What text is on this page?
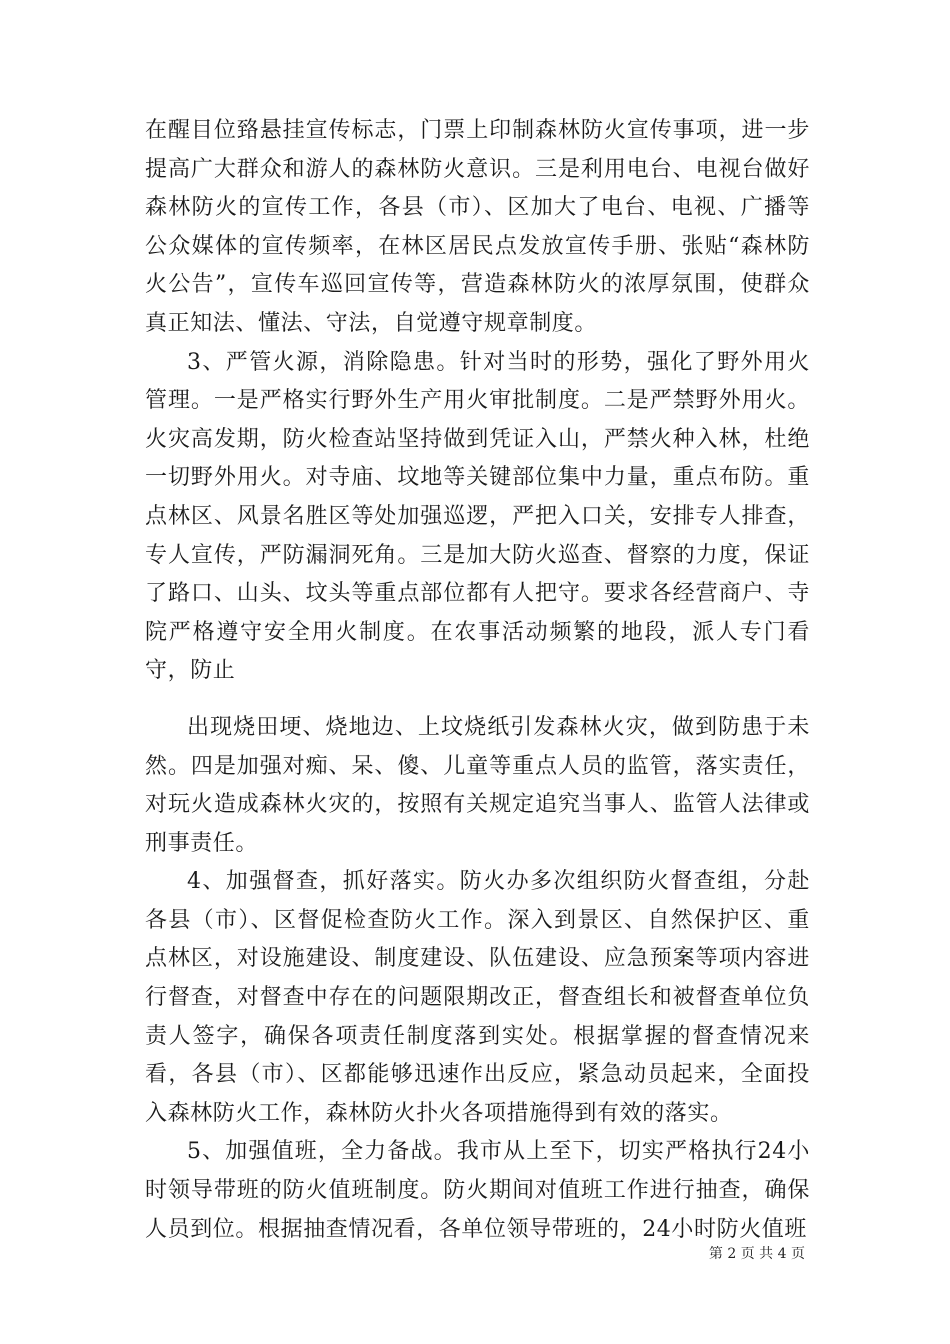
在醒目位臵悬挂宣传标志，门票上印制森林防火宣传事项，进一步提高广大群众和游人的森林防火意识。三是利用电台、电视台做好森林防火的宣传工作，各县（市）、区加大了电台、电视、广播等公众媒体的宣传频率，在林区居民点发放宣传手册、张贴“森林防火公告”，宣传车巡回宣传等，营造森林防火的浓厚氛围，使群众真正知法、懂法、守法，自觉遵守规章制度。

3、严管火源，消除隐患。针对当时的形势，强化了野外用火管理。一是严格实行野外生产用火审批制度。二是严禁野外用火。火灾高发期，防火检查站坚持做到凭证入山，严禁火种入林，杜绝一切野外用火。对寺庙、坟地等关键部位集中力量，重点布防。重点林区、风景名胜区等处加强巡逻，严把入口关，安排专人排查，专人宣传，严防漏洞死角。三是加大防火巡查、督察的力度，保证了路口、山头、坟头等重点部位都有人把守。要求各经营商户、寺院严格遵守安全用火制度。在农事活动频繁的地段，派人专门看守，防止

出现烧田埂、烧地边、上坟烧纸引发森林火灾，做到防患于未然。四是加强对痴、呆、傻、儿童等重点人员的监管，落实责任，对玩火造成森林火灾的，按照有关规定追究当事人、监管人法律或刑事责任。

4、加强督查，抓好落实。防火办多次组织防火督查组，分赴各县（市）、区督促检查防火工作。深入到景区、自然保护区、重点林区，对设施建设、制度建设、队伍建设、应急预案等项内容进行督查，对督查中存在的问题限期改正，督查组长和被督查单位负责人签字，确保各项责任制度落到实处。根据掌握的督查情况来看，各县（市）、区都能够迅速作出反应，紧急动员起来，全面投入森林防火工作，森林防火扑火各项措施得到有效的落实。

5、加强值班，全力备战。我市从上至下，切实严格执行24小时领导带班的防火值班制度。防火期间对值班工作进行抽查，确保人员到位。根据抽查情况看，各单位领导带班的，24小时防火值班

第 2 页 共 4 页
